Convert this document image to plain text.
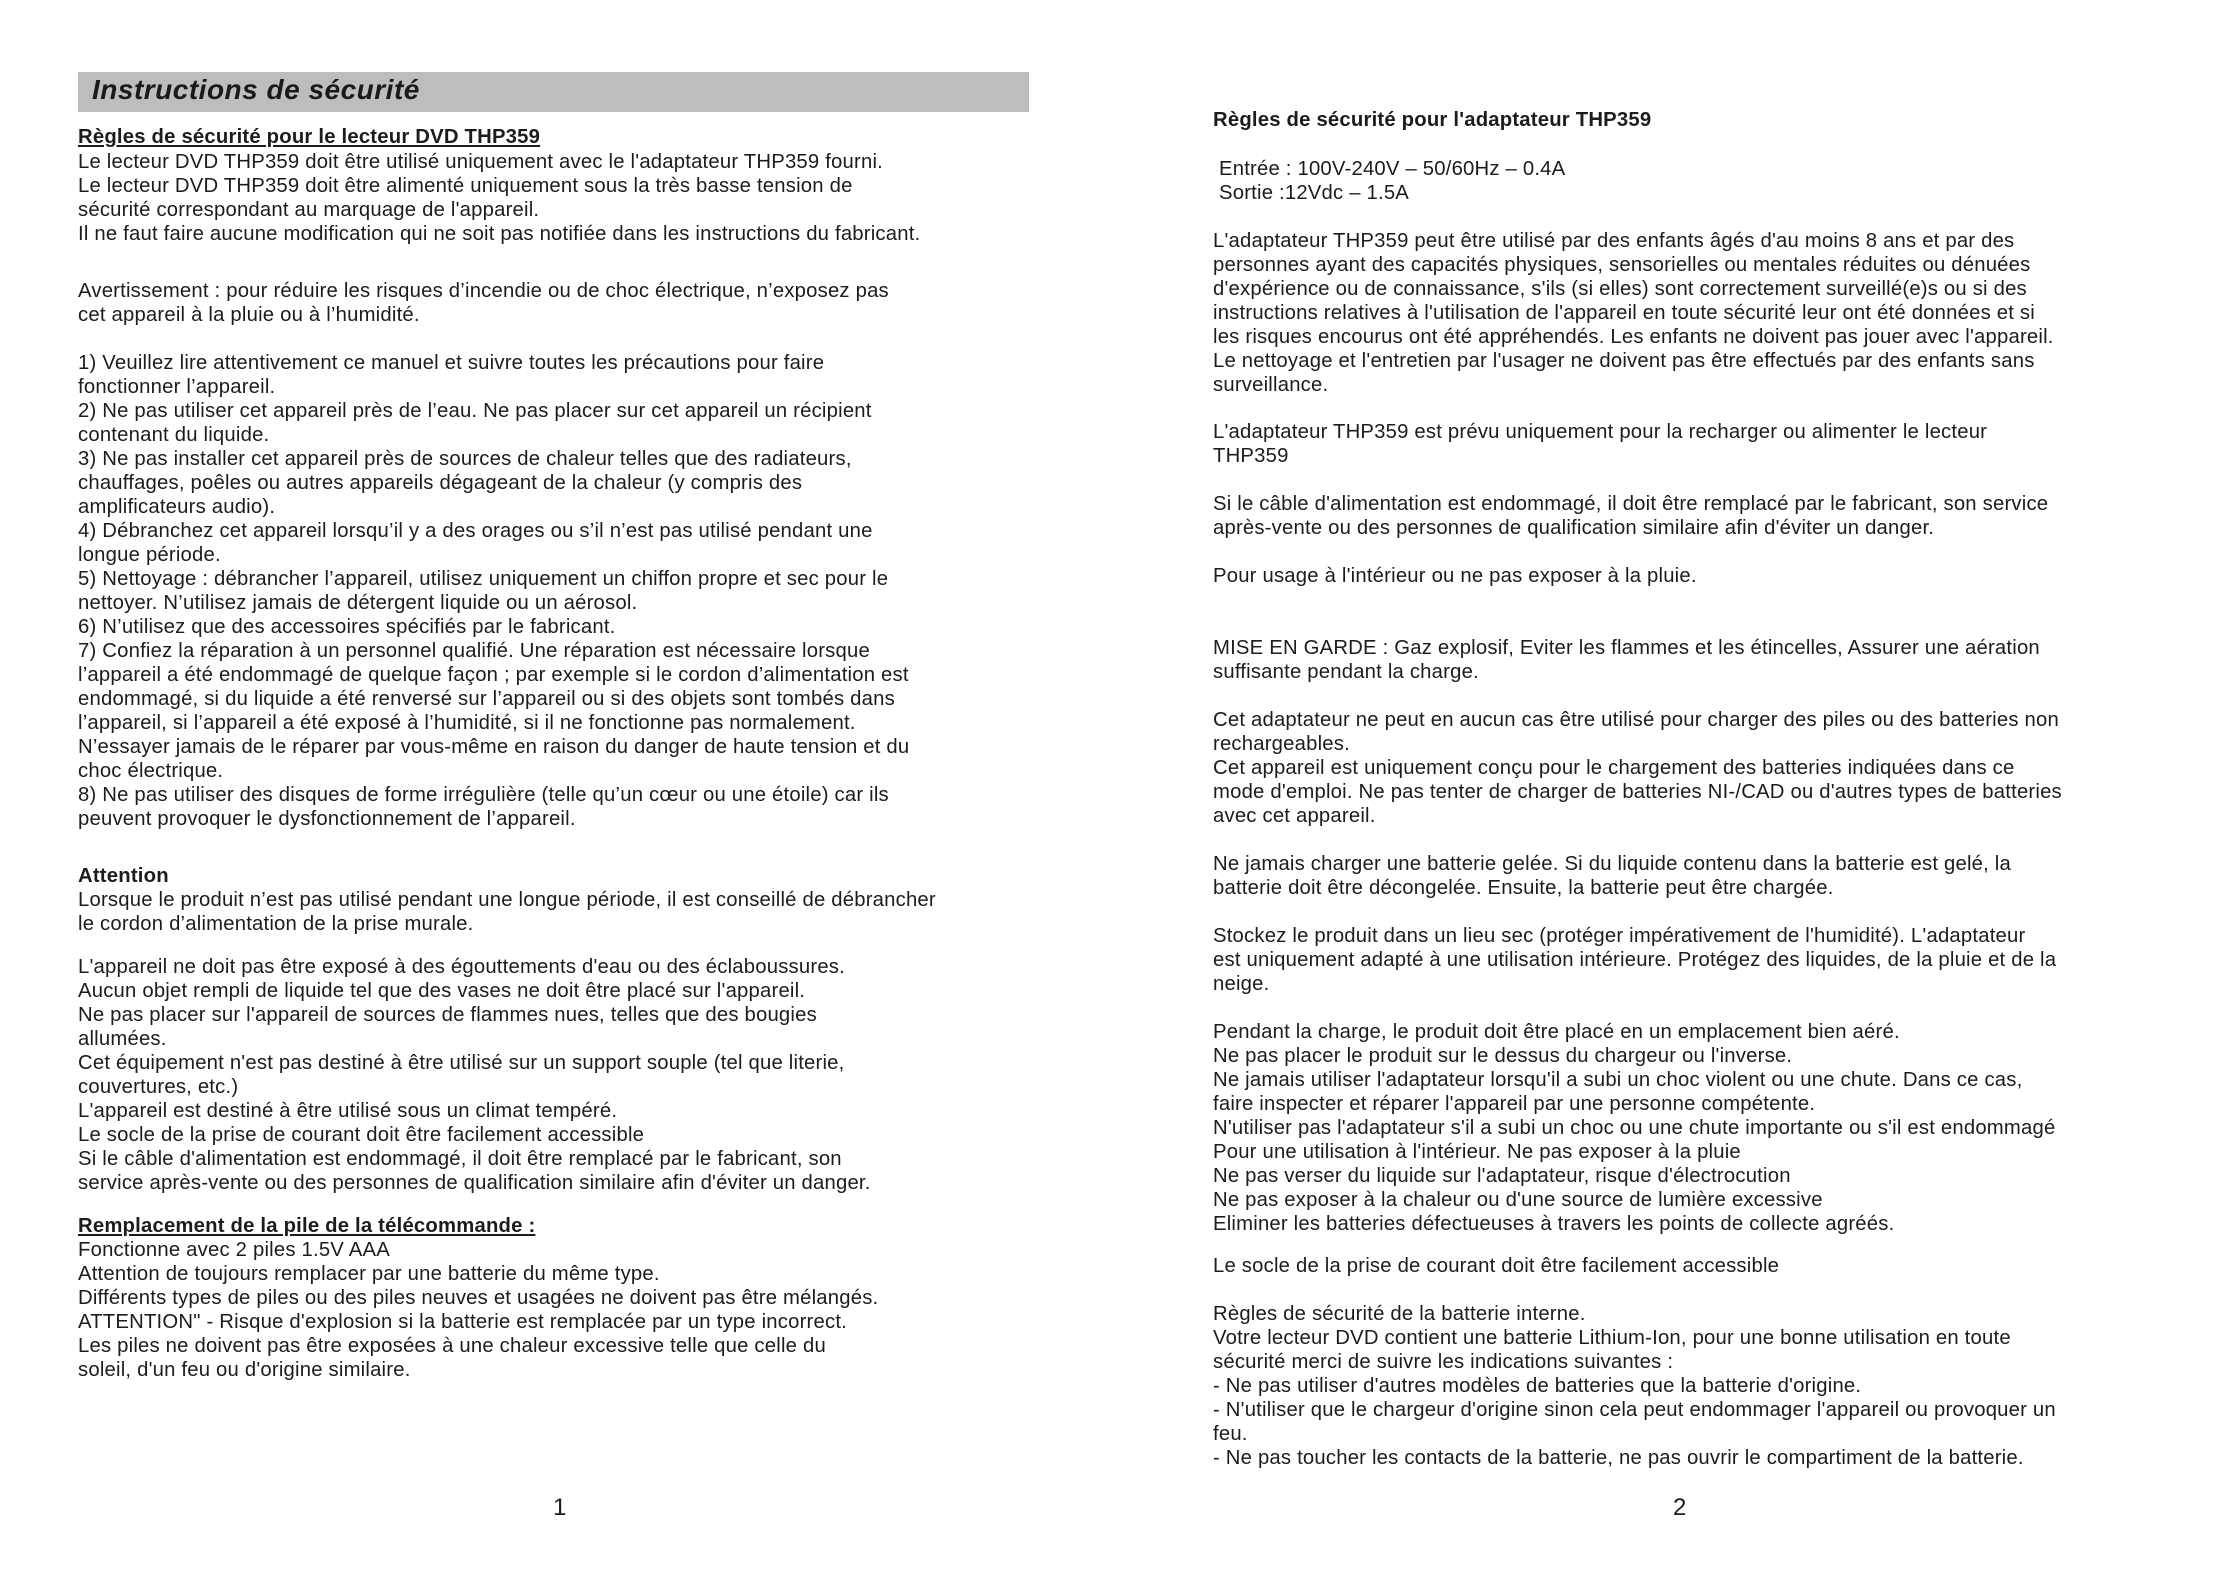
Instructions de sécurité
Règles de sécurité pour le lecteur DVD THP359
Le lecteur DVD THP359 doit être utilisé uniquement avec le l'adaptateur THP359 fourni.
Le lecteur DVD THP359 doit être alimenté uniquement sous la très basse tension de
sécurité correspondant au marquage de l'appareil.
Il ne faut faire aucune modification qui ne soit pas notifiée dans les instructions du fabricant.
Avertissement : pour réduire les risques d’incendie ou de choc électrique, n’exposez pas
cet appareil à la pluie ou à l’humidité.
1) Veuillez lire attentivement ce manuel et suivre toutes les précautions pour faire
fonctionner l’appareil.
2) Ne pas utiliser cet appareil près de l’eau. Ne pas placer sur cet appareil un récipient
contenant du liquide.
3) Ne pas installer cet appareil près de sources de chaleur telles que des radiateurs,
chauffages, poêles ou autres appareils dégageant de la chaleur (y compris des
amplificateurs audio).
4) Débranchez cet appareil lorsqu’il y a des orages ou s’il n’est pas utilisé pendant une
longue période.
5) Nettoyage : débrancher l’appareil, utilisez uniquement un chiffon propre et sec pour le
nettoyer. N’utilisez jamais de détergent liquide ou un aérosol.
6) N’utilisez que des accessoires spécifiés par le fabricant.
7) Confiez la réparation à un personnel qualifié. Une réparation est nécessaire lorsque
l’appareil a été endommagé de quelque façon ; par exemple si le cordon d’alimentation est
endommagé, si du liquide a été renversé sur l’appareil ou si des objets sont tombés dans
l’appareil, si l’appareil a été exposé à l’humidité, si il ne fonctionne pas normalement.
N’essayer jamais de le réparer par vous-même en raison du danger de haute tension et du
choc électrique.
8) Ne pas utiliser des disques de forme irrégulière (telle qu’un cœur ou une étoile) car ils
peuvent provoquer le dysfonctionnement de l’appareil.
Attention
Lorsque le produit n’est pas utilisé pendant une longue période, il est conseillé de débrancher
le cordon d’alimentation de la prise murale.
L'appareil ne doit pas être exposé à des égouttements d'eau ou des éclaboussures.
Aucun objet rempli de liquide tel que des vases ne doit être placé sur l'appareil.
Ne pas placer sur l'appareil de sources de flammes nues, telles que des bougies
allumées.
Cet équipement n'est pas destiné à être utilisé sur un support souple (tel que literie,
couvertures, etc.)
L'appareil est destiné à être utilisé sous un climat tempéré.
Le socle de la prise de courant doit être facilement accessible
Si le câble d'alimentation est endommagé, il doit être remplacé par le fabricant, son
service après-vente ou des personnes de qualification similaire afin d'éviter un danger.
Remplacement de la pile de la télécommande :
Fonctionne avec 2 piles 1.5V AAA
Attention de toujours remplacer par une batterie du même type.
Différents types de piles ou des piles neuves et usagées ne doivent pas être mélangés.
ATTENTION" - Risque d'explosion si la batterie est remplacée par un type incorrect.
Les piles ne doivent pas être exposées à une chaleur excessive telle que celle du
soleil, d'un feu ou d'origine similaire.
1
Règles de sécurité pour l'adaptateur THP359
Entrée : 100V-240V – 50/60Hz – 0.4A
Sortie :12Vdc – 1.5A
L'adaptateur THP359 peut être utilisé par des enfants âgés d'au moins 8 ans et par des
personnes ayant des capacités physiques, sensorielles ou mentales réduites ou dénuées
d'expérience ou de connaissance, s'ils (si elles) sont correctement surveillé(e)s ou si des
instructions relatives à l'utilisation de l'appareil en toute sécurité leur ont été données et si
les risques encourus ont été appréhendés. Les enfants ne doivent pas jouer avec l'appareil.
Le nettoyage et l'entretien par l'usager ne doivent pas être effectués par des enfants sans
surveillance.
L'adaptateur THP359 est prévu uniquement pour la recharger ou alimenter le lecteur
THP359
Si le câble d'alimentation est endommagé, il doit être remplacé par le fabricant, son service
après-vente ou des personnes de qualification similaire afin d'éviter un danger.
Pour usage à l'intérieur ou ne pas exposer à la pluie.
MISE EN GARDE : Gaz explosif, Eviter les flammes et les étincelles, Assurer une aération
suffisante pendant la charge.
Cet adaptateur ne peut en aucun cas être utilisé pour charger des piles ou des batteries non
rechargeables.
Cet appareil est uniquement conçu pour le chargement des batteries indiquées dans ce
mode d'emploi. Ne pas tenter de charger de batteries NI-/CAD ou d'autres types de batteries
avec cet appareil.
Ne jamais charger une batterie gelée. Si du liquide contenu dans la batterie est gelé, la
batterie doit être décongelée. Ensuite, la batterie peut être chargée.
Stockez le produit dans un lieu sec (protéger impérativement de l'humidité). L'adaptateur
est uniquement adapté à une utilisation intérieure. Protégez des liquides, de la pluie et de la
neige.
Pendant la charge, le produit doit être placé en un emplacement bien aéré.
Ne pas placer le produit sur le dessus du chargeur ou l'inverse.
Ne jamais utiliser l'adaptateur lorsqu'il a subi un choc violent ou une chute. Dans ce cas,
faire inspecter et réparer l'appareil par une personne compétente.
N'utiliser pas l'adaptateur s'il a subi un choc ou une chute importante ou s'il est endommagé
Pour une utilisation à l'intérieur. Ne pas exposer à la pluie
Ne pas verser du liquide sur l'adaptateur, risque d'électrocution
Ne pas exposer à la chaleur ou d'une source de lumière excessive
Eliminer les batteries défectueuses à travers les points de collecte agréés.
Le socle de la prise de courant doit être facilement accessible
Règles de sécurité de la batterie interne.
Votre lecteur DVD contient une batterie Lithium-Ion, pour une bonne utilisation en toute
sécurité merci de suivre les indications suivantes :
- Ne pas utiliser d'autres modèles de batteries que la batterie d'origine.
- N'utiliser que le chargeur d'origine sinon cela peut endommager l'appareil ou provoquer un
feu.
- Ne pas toucher les contacts de la batterie, ne pas ouvrir le compartiment de la batterie.
2
